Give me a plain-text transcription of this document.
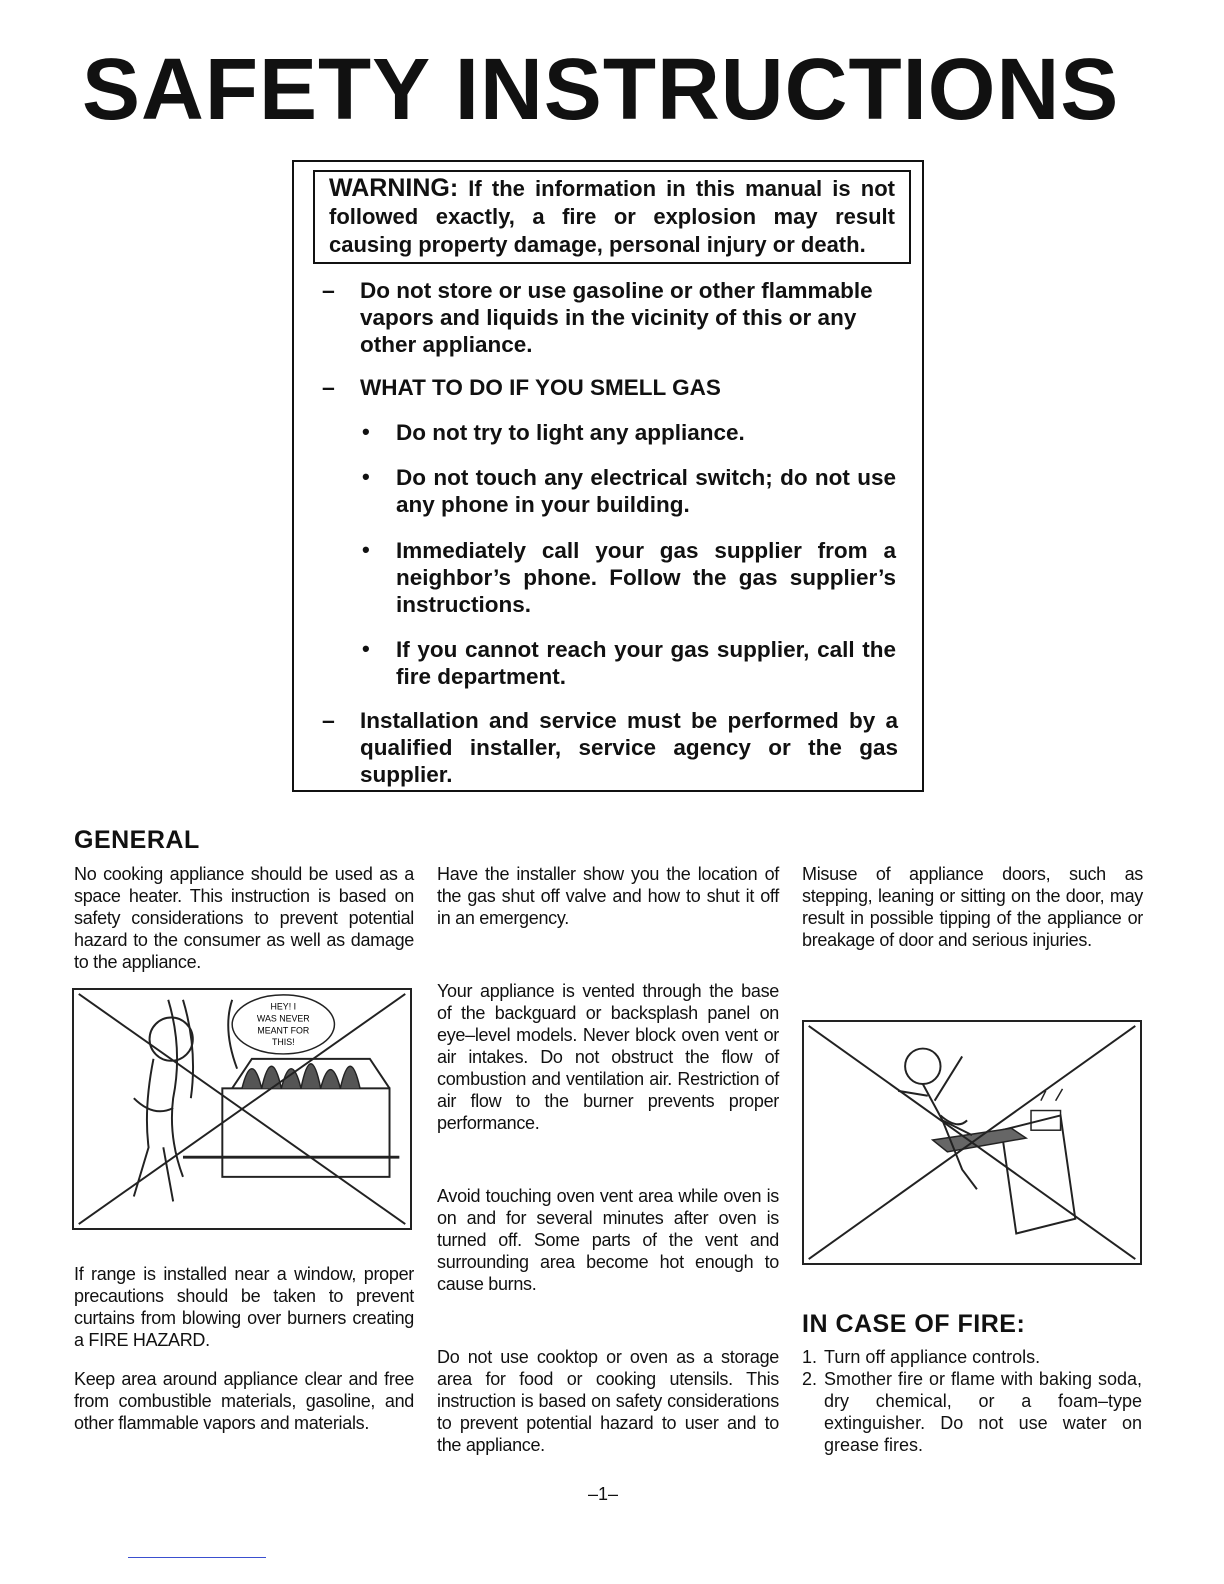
SAFETY INSTRUCTIONS
WARNING: If the information in this manual is not followed exactly, a fire or explosion may result causing property damage, personal injury or death.
– Do not store or use gasoline or other flammable vapors and liquids in the vicinity of this or any other appliance.
– WHAT TO DO IF YOU SMELL GAS
• Do not try to light any appliance.
• Do not touch any electrical switch; do not use any phone in your building.
• Immediately call your gas supplier from a neighbor’s phone. Follow the gas supplier’s instructions.
• If you cannot reach your gas supplier, call the fire department.
– Installation and service must be performed by a qualified installer, service agency or the gas supplier.
GENERAL
No cooking appliance should be used as a space heater. This instruction is based on safety considerations to prevent potential hazard to the consumer as well as damage to the appliance.
HEY! I
WAS NEVER
MEANT FOR
THIS!
If range is installed near a window, proper precautions should be taken to prevent curtains from blowing over burners creating a FIRE HAZARD.
Keep area around appliance clear and free from combustible materials, gasoline, and other flammable vapors and materials.
Have the installer show you the location of the gas shut off valve and how to shut it off in an emergency.
Your appliance is vented through the base of the backguard or backsplash panel on eye–level models. Never block oven vent or air intakes. Do not obstruct the flow of combustion and ventilation air. Restriction of air flow to the burner prevents proper performance.
Avoid touching oven vent area while oven is on and for several minutes after oven is turned off. Some parts of the vent and surrounding area become hot enough to cause burns.
Do not use cooktop or oven as a storage area for food or cooking utensils. This instruction is based on safety considerations to prevent potential hazard to user and to the appliance.
Misuse of appliance doors, such as stepping, leaning or sitting on the door, may result in possible tipping of the appliance or breakage of door and serious injuries.
IN CASE OF FIRE:
1. Turn off appliance controls.
2. Smother fire or flame with baking soda, dry chemical, or a foam–type extinguisher. Do not use water on grease fires.
–1–
